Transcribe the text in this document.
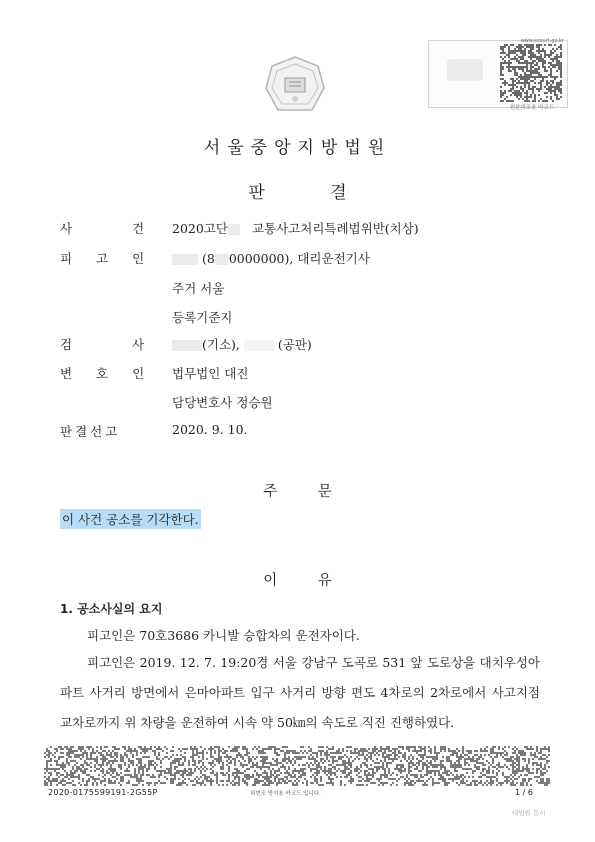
www.scourt.go.kr
원본대조용 바코드
서울중앙지방법원
판 결
사 건 2020고단 교통사고처리특례법위반(치상)
피 고 인	(8 0000000), 대리운전기사
주거 서울
등록기준지
검 사	(기소),	(공판)
변 호 인 법무법인 대진
담당변호사 정승원
판결선고	2020. 9. 10.
주 문
이 사건 공소를 기각한다.
이 유
1. 공소사실의 요지
피고인은 70호3686 카니발 승합차의 운전자이다.
피고인은 2019. 12. 7. 19:20경 서울 강남구 도곡로 531 앞 도로상을 대치우성아파트 사거리 방면에서 은마아파트 입구 사거리 방향 편도 4차로의 2차로에서 사고지점 교차로까지 위 차량을 운전하여 시속 약 50㎞의 속도로 직진 진행하였다.
2020-0175599191-2G55P	위변조 방지용 바코드 입니다.	1 / 6
대법원 문서
